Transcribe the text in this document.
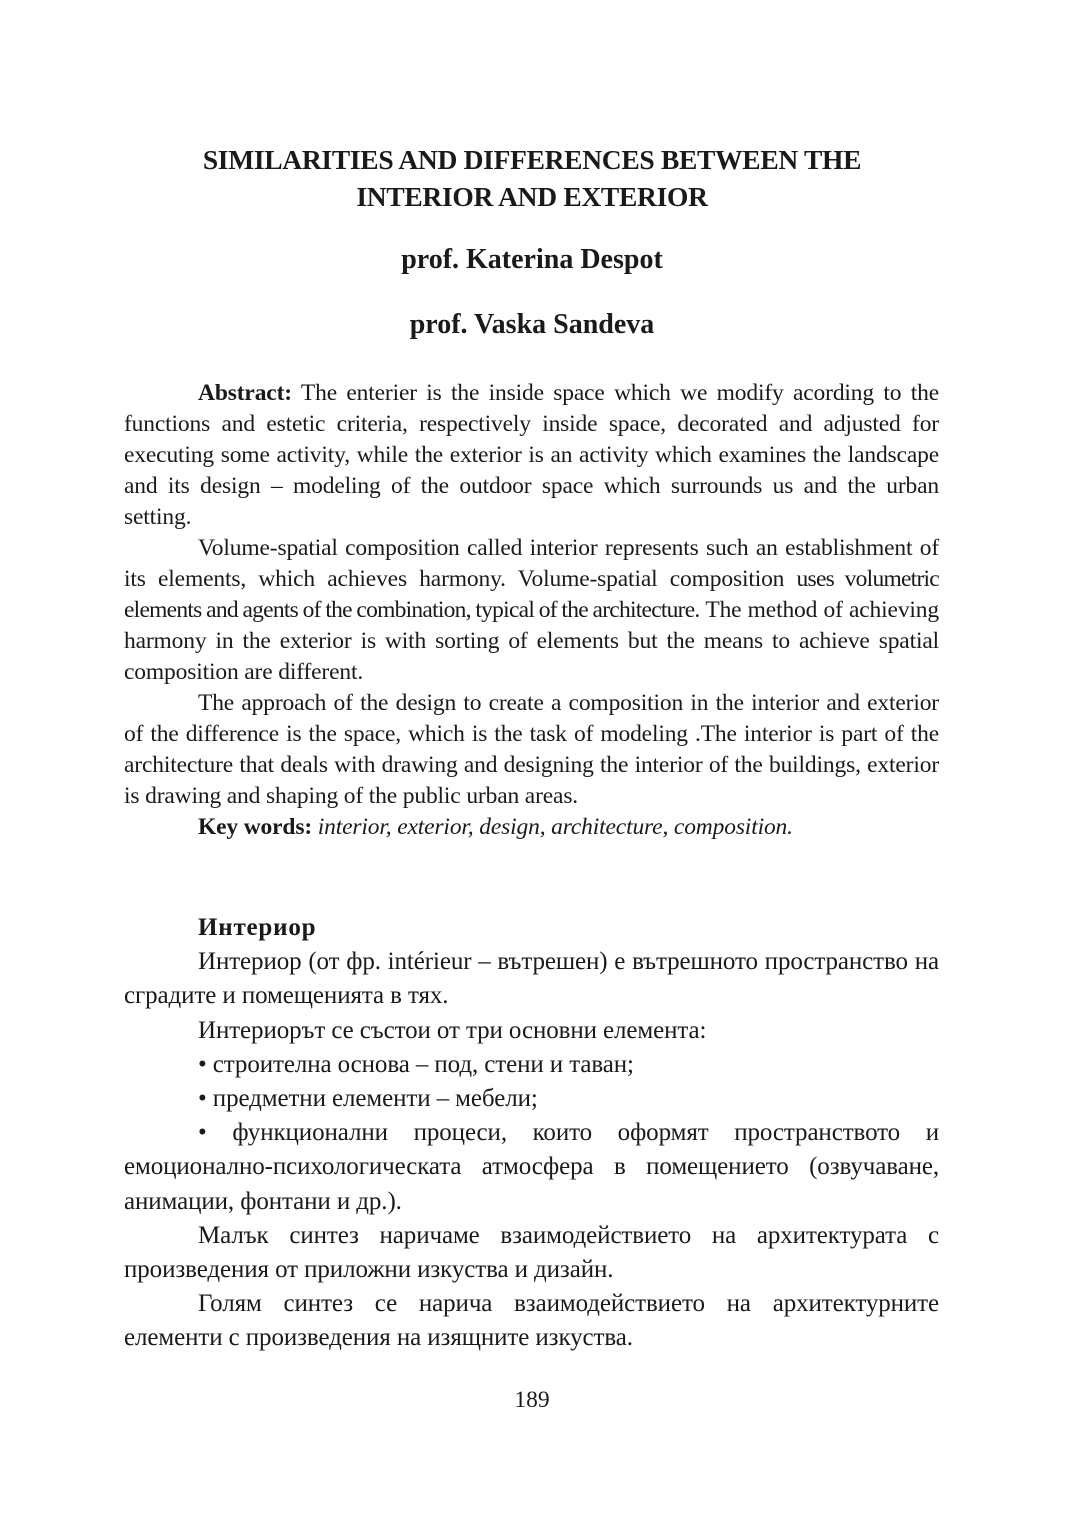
SIMILARITIES AND DIFFERENCES BETWEEN THE
INTERIOR AND EXTERIOR
prof. Katerina Despot
prof. Vaska Sandeva

Abstract: The enterier is the inside space which we modify acording to the functions and estetic criteria, respectively inside space, decorated and adjusted for executing some activity, while the exterior is an activity which examines the landscape and its design – modeling of the outdoor space which surrounds us and the urban setting.

Volume-spatial composition called interior represents such an establishment of its elements, which achieves harmony. Volume-spatial composition uses volumetric elements and agents of the combination, typical of the architecture. The method of achieving harmony in the exterior is with sorting of elements but the means to achieve spatial composition are different.

The approach of the design to create a composition in the interior and exterior of the difference is the space, which is the task of modeling .The interior is part of the architecture that deals with drawing and designing the interior of the buildings, exterior is drawing and shaping of the public urban areas.

Key words: interior, exterior, design, architecture, composition.

Интериор

Интериор (от фр. intérieur – вътрешен) е вътрешното пространство на сградите и помещенията в тях.

Интериорът се състои от три основни елемента:

• строителна основа – под, стени и таван;

• предметни елементи – мебели;

• функционални процеси, които оформят пространството и емоционално-психологическата атмосфера в помещението (озвучаване, анимации, фонтани и др.).

Малък синтез наричаме взаимодействието на архитектурата с произведения от приложни изкуства и дизайн.

Голям синтез се нарича взаимодействието на архитектурните елементи с произведения на изящните изкуства.

189
